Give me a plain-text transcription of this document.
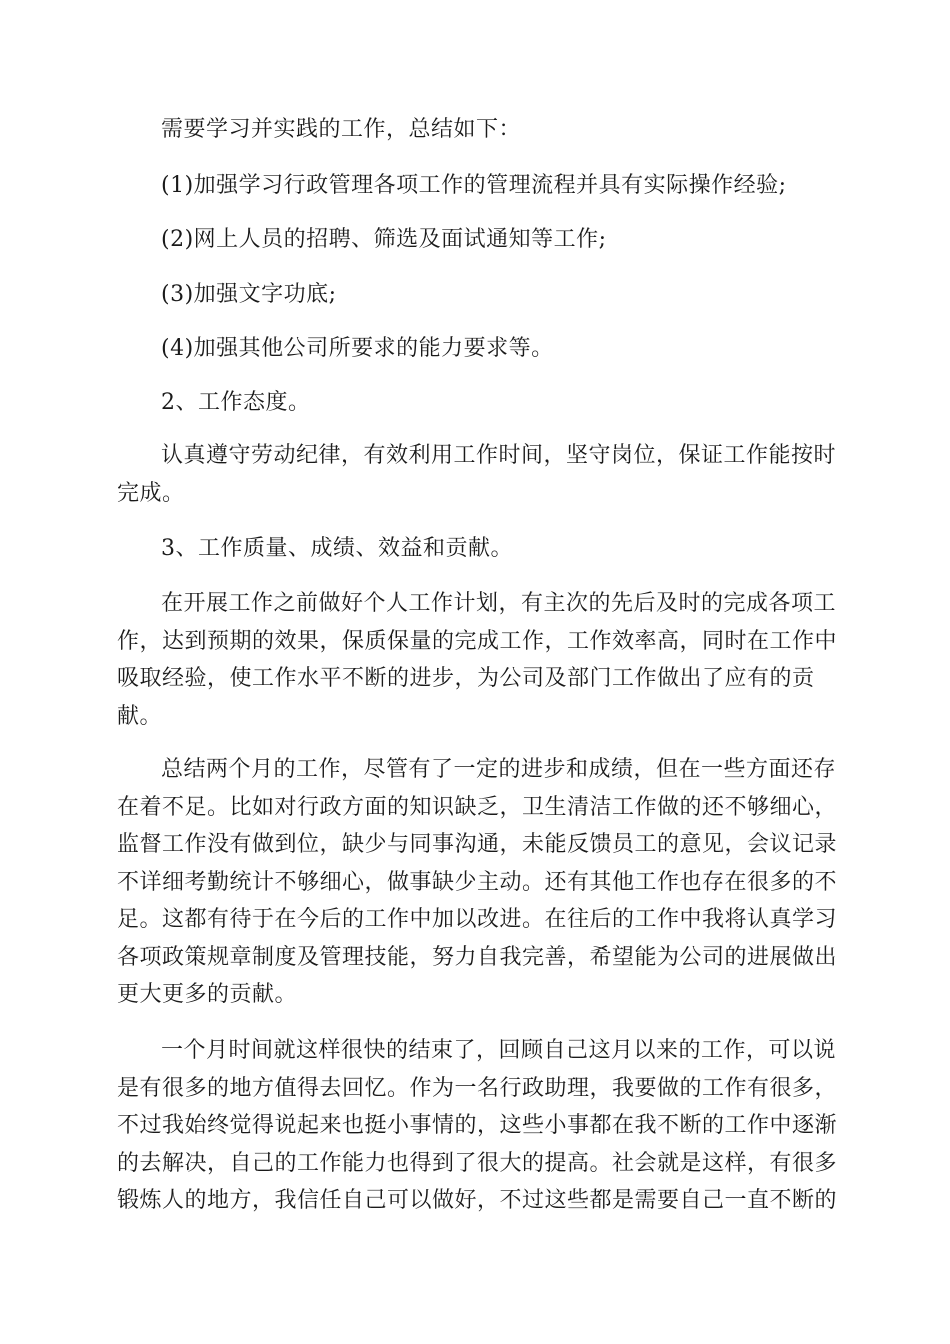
需要学习并实践的工作，总结如下：
(1)加强学习行政管理各项工作的管理流程并具有实际操作经验;
(2)网上人员的招聘、筛选及面试通知等工作;
(3)加强文字功底;
(4)加强其他公司所要求的能力要求等。
2、工作态度。
认真遵守劳动纪律，有效利用工作时间，坚守岗位，保证工作能按时
完成。
3、工作质量、成绩、效益和贡献。
在开展工作之前做好个人工作计划，有主次的先后及时的完成各项工
作，达到预期的效果，保质保量的完成工作，工作效率高，同时在工作中
吸取经验，使工作水平不断的进步，为公司及部门工作做出了应有的贡
献。
总结两个月的工作，尽管有了一定的进步和成绩，但在一些方面还存
在着不足。比如对行政方面的知识缺乏，卫生清洁工作做的还不够细心，
监督工作没有做到位，缺少与同事沟通，未能反馈员工的意见，会议记录
不详细考勤统计不够细心，做事缺少主动。还有其他工作也存在很多的不
足。这都有待于在今后的工作中加以改进。在往后的工作中我将认真学习
各项政策规章制度及管理技能，努力自我完善，希望能为公司的进展做出
更大更多的贡献。
一个月时间就这样很快的结束了，回顾自己这月以来的工作，可以说
是有很多的地方值得去回忆。作为一名行政助理，我要做的工作有很多，
不过我始终觉得说起来也挺小事情的，这些小事都在我不断的工作中逐渐
的去解决，自己的工作能力也得到了很大的提高。社会就是这样，有很多
锻炼人的地方，我信任自己可以做好，不过这些都是需要自己一直不断的
